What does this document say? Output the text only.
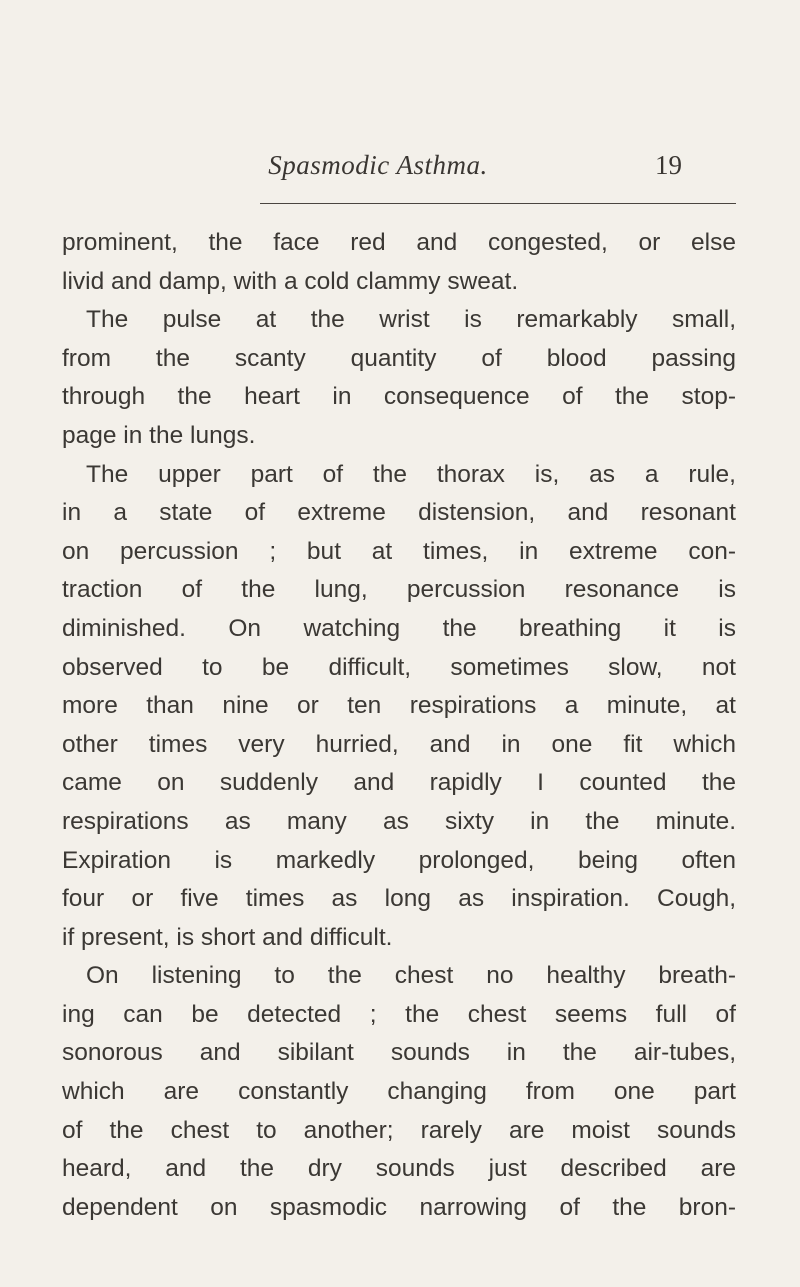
Spasmodic Asthma.	19
prominent, the face red and congested, or else
livid and damp, with a cold clammy sweat.
The pulse at the wrist is remarkably small,
from the scanty quantity of blood passing
through the heart in consequence of the stop-
page in the lungs.
The upper part of the thorax is, as a rule,
in a state of extreme distension, and resonant
on percussion ; but at times, in extreme con-
traction of the lung, percussion resonance is
diminished. On watching the breathing it is
observed to be difficult, sometimes slow, not
more than nine or ten respirations a minute, at
other times very hurried, and in one fit which
came on suddenly and rapidly I counted the
respirations as many as sixty in the minute.
Expiration is markedly prolonged, being often
four or five times as long as inspiration. Cough,
if present, is short and difficult.
On listening to the chest no healthy breath-
ing can be detected ; the chest seems full of
sonorous and sibilant sounds in the air-tubes,
which are constantly changing from one part
of the chest to another; rarely are moist sounds
heard, and the dry sounds just described are
dependent on spasmodic narrowing of the bron-
